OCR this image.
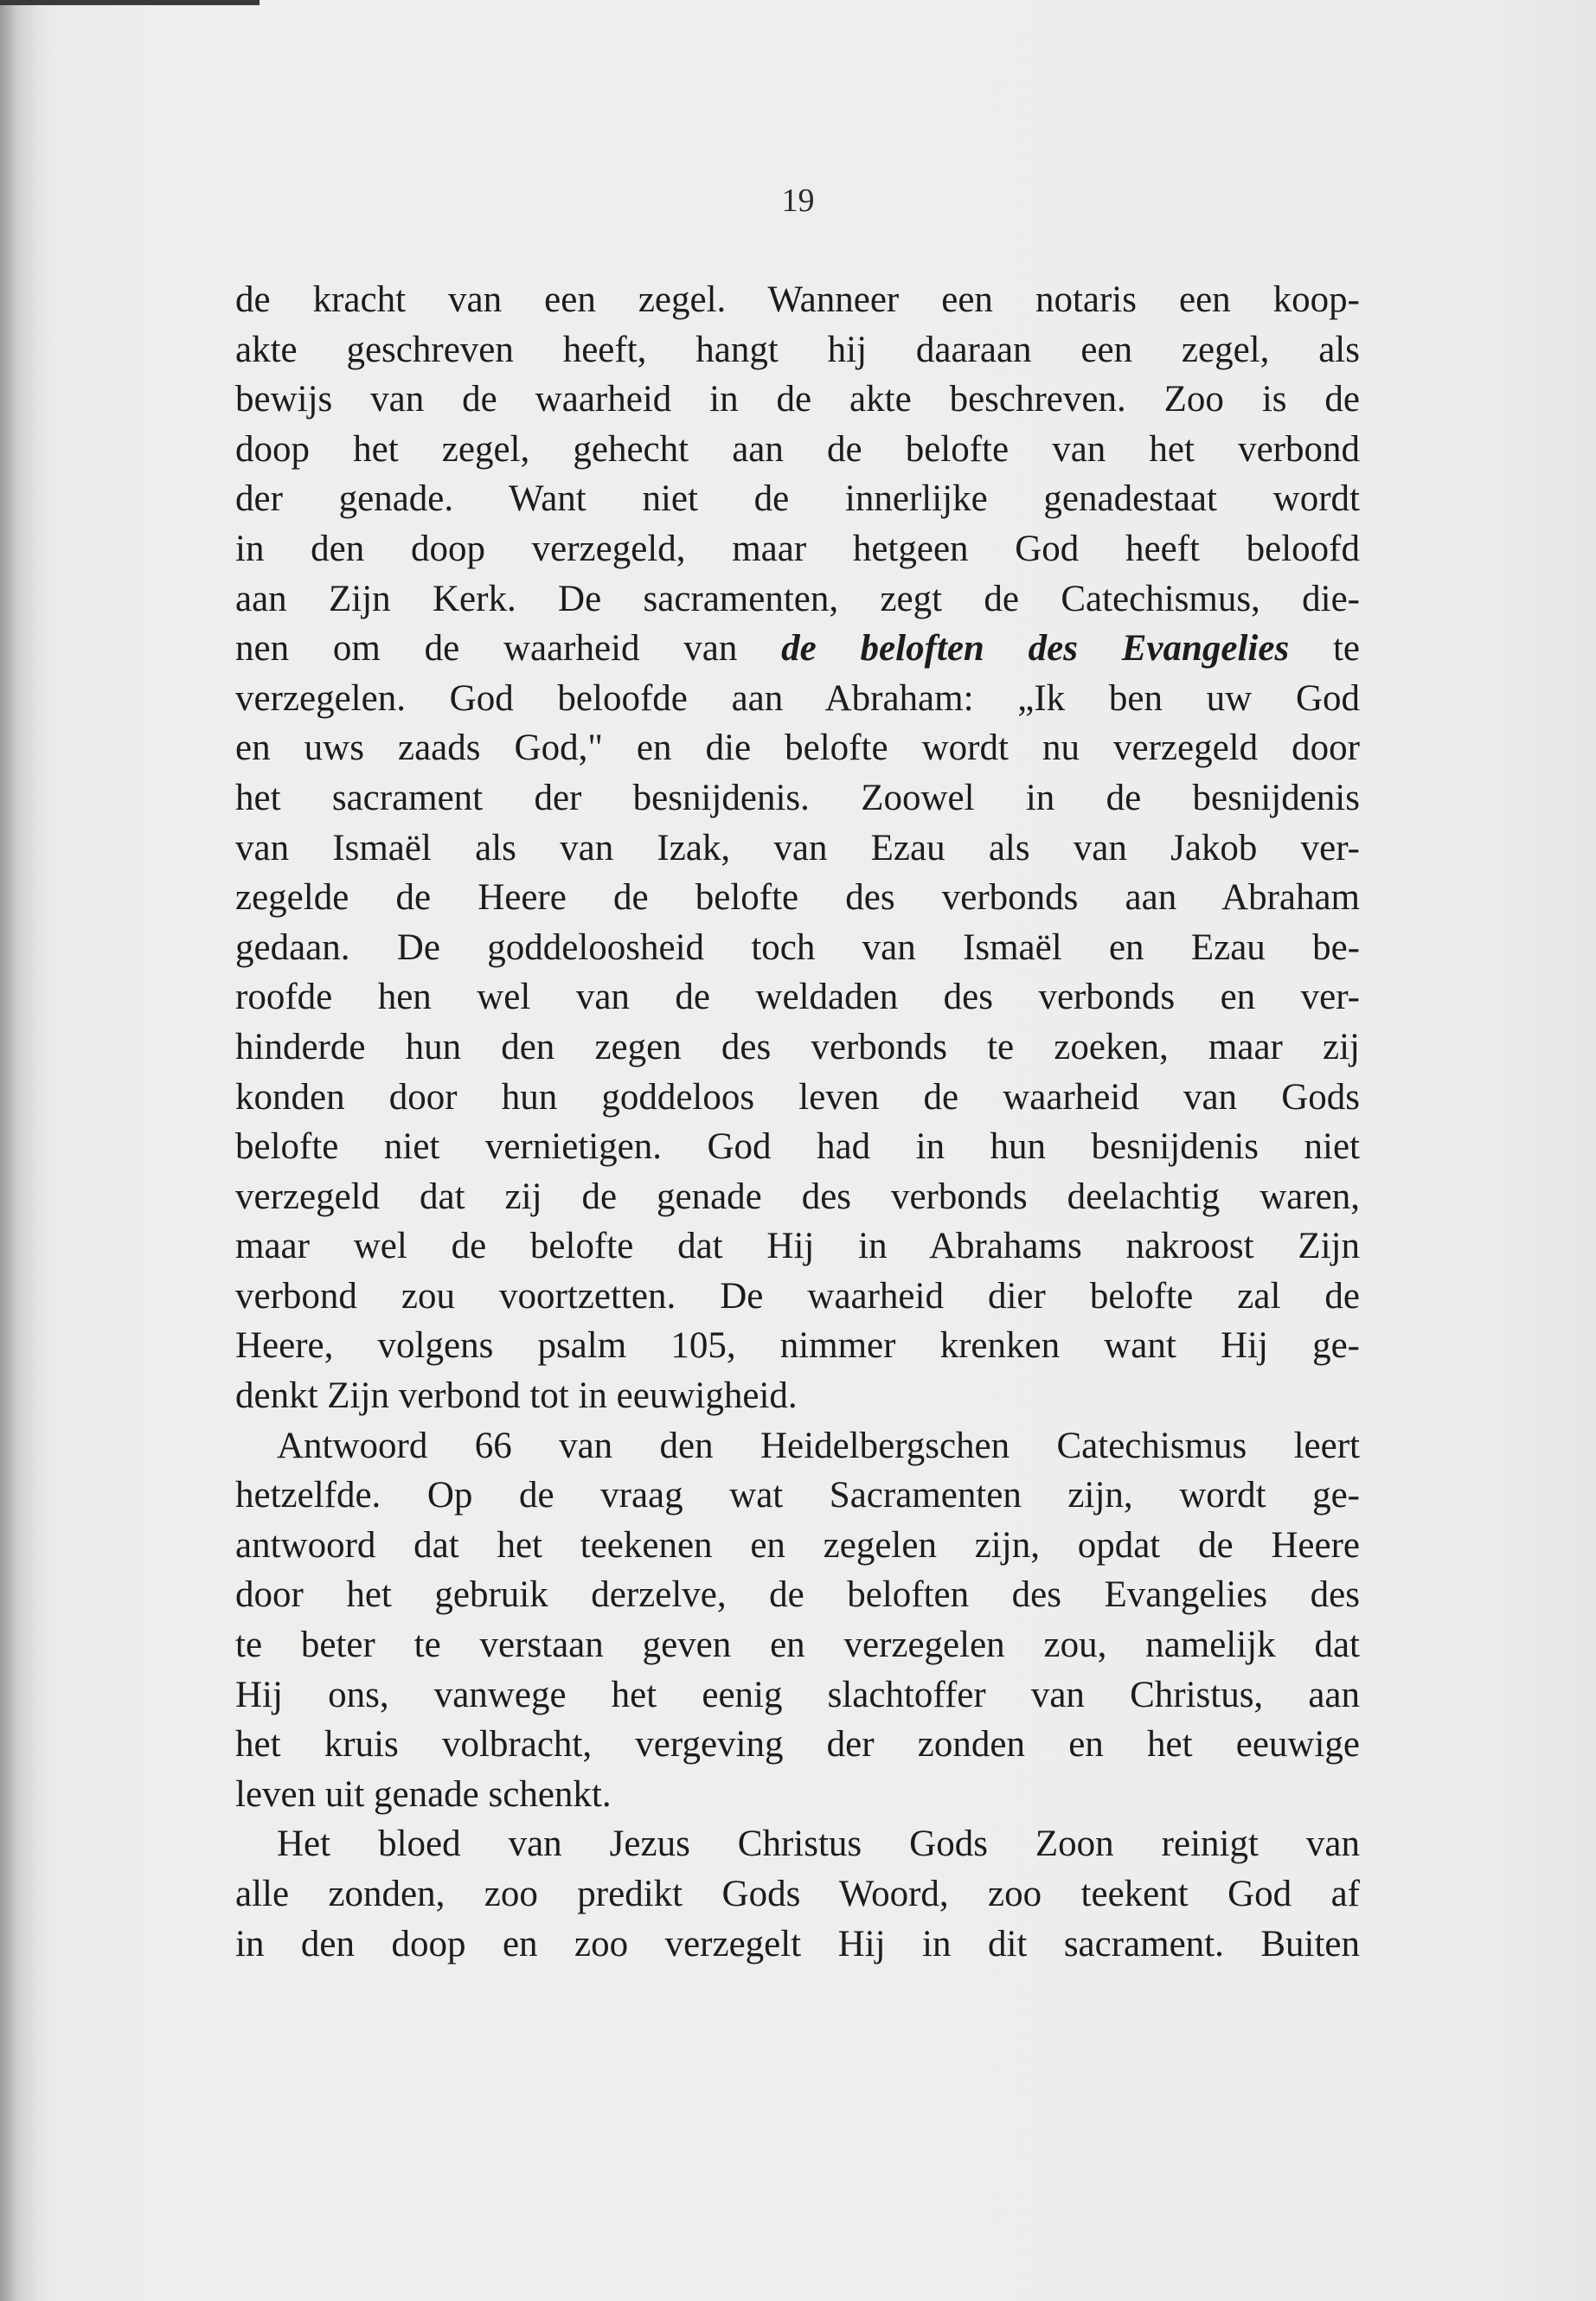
19
de kracht van een zegel. Wanneer een notaris een koop-
akte geschreven heeft, hangt hij daaraan een zegel, als
bewijs van de waarheid in de akte beschreven. Zoo is de
doop het zegel, gehecht aan de belofte van het verbond
der genade. Want niet de innerlijke genadestaat wordt
in den doop verzegeld, maar hetgeen God heeft beloofd
aan Zijn Kerk. De sacramenten, zegt de Catechismus, die-
nen om de waarheid van de beloften des Evangelies te
verzegelen. God beloofde aan Abraham: „Ik ben uw God
en uws zaads God," en die belofte wordt nu verzegeld door
het sacrament der besnijdenis. Zoowel in de besnijdenis
van Ismaël als van Izak, van Ezau als van Jakob ver-
zegelde de Heere de belofte des verbonds aan Abraham
gedaan. De goddeloosheid toch van Ismaël en Ezau be-
roofde hen wel van de weldaden des verbonds en ver-
hinderde hun den zegen des verbonds te zoeken, maar zij
konden door hun goddeloos leven de waarheid van Gods
belofte niet vernietigen. God had in hun besnijdenis niet
verzegeld dat zij de genade des verbonds deelachtig waren,
maar wel de belofte dat Hij in Abrahams nakroost Zijn
verbond zou voortzetten. De waarheid dier belofte zal de
Heere, volgens psalm 105, nimmer krenken want Hij ge-
denkt Zijn verbond tot in eeuwigheid.
Antwoord 66 van den Heidelbergschen Catechismus leert
hetzelfde. Op de vraag wat Sacramenten zijn, wordt ge-
antwoord dat het teekenen en zegelen zijn, opdat de Heere
door het gebruik derzelve, de beloften des Evangelies des
te beter te verstaan geven en verzegelen zou, namelijk dat
Hij ons, vanwege het eenig slachtoffer van Christus, aan
het kruis volbracht, vergeving der zonden en het eeuwige
leven uit genade schenkt.
Het bloed van Jezus Christus Gods Zoon reinigt van
alle zonden, zoo predikt Gods Woord, zoo teekent God af
in den doop en zoo verzegelt Hij in dit sacrament. Buiten
